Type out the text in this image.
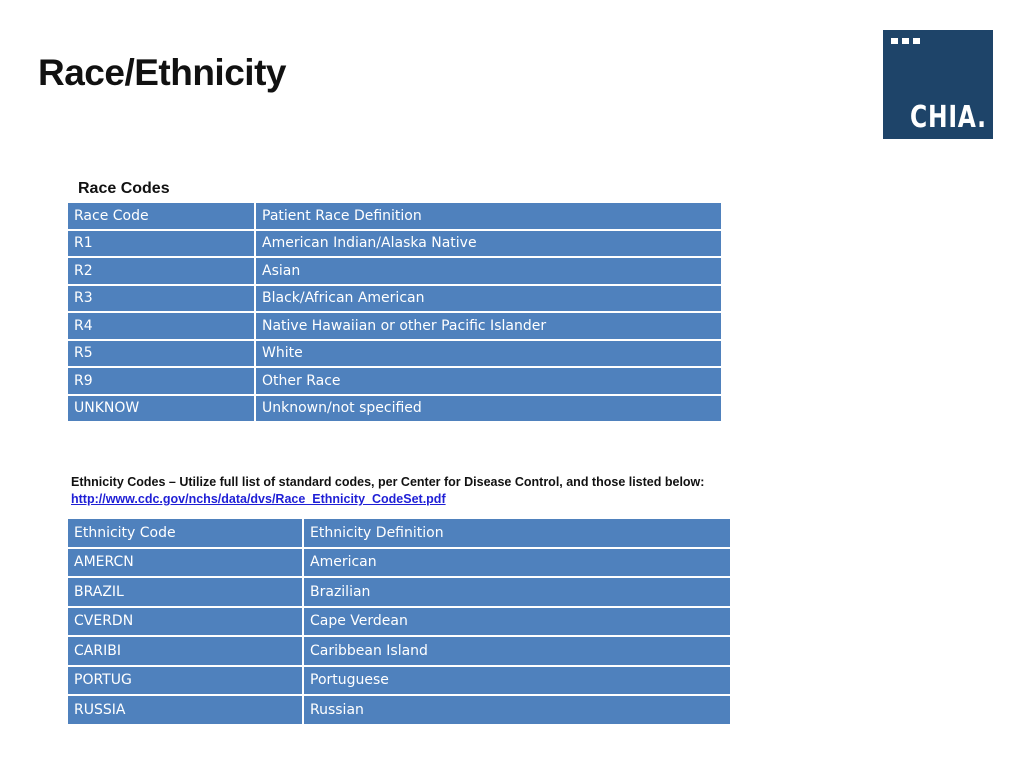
Race/Ethnicity
CHIA.
Race Codes
Race Code	Patient Race Definition
R1	American Indian/Alaska Native
R2	Asian
R3	Black/African American
R4	Native Hawaiian or other Pacific Islander
R5	White
R9	Other Race
UNKNOW	Unknown/not specified
Ethnicity Codes – Utilize full list of standard codes, per Center for Disease Control, and those listed below:
http://www.cdc.gov/nchs/data/dvs/Race_Ethnicity_CodeSet.pdf
Ethnicity Code	Ethnicity Definition
AMERCN	American
BRAZIL	Brazilian
CVERDN	Cape Verdean
CARIBI	Caribbean Island
PORTUG	Portuguese
RUSSIA	Russian
